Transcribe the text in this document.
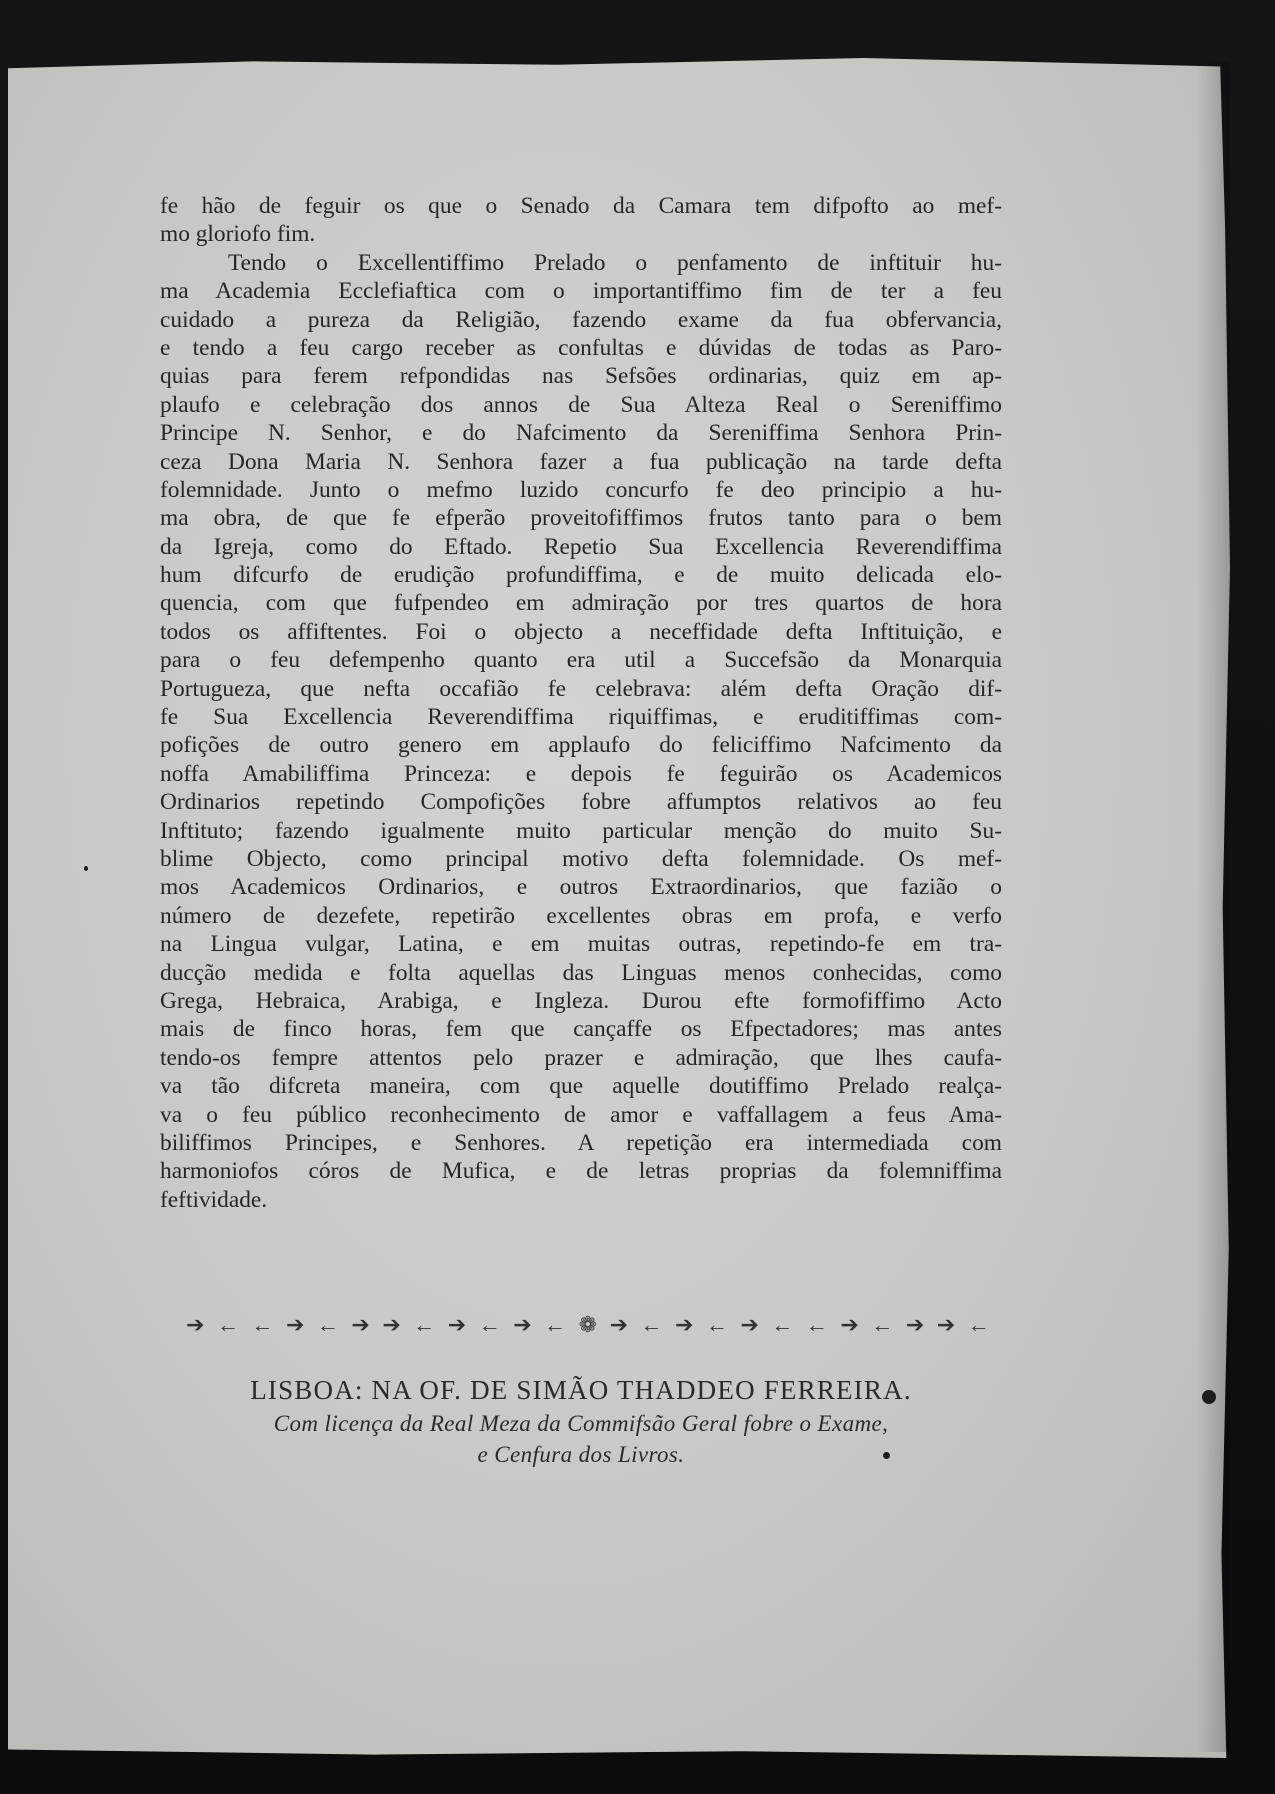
fe hão de feguir os que o Senado da Camara tem difpofto ao mef-
mo gloriofo fim.
Tendo o Excellentiffimo Prelado o penfamento de inftituir hu-
ma Academia Ecclefiaftica com o importantiffimo fim de ter a feu
cuidado a pureza da Religião, fazendo exame da fua obfervancia,
e tendo a feu cargo receber as confultas e dúvidas de todas as Paro-
quias para ferem refpondidas nas Sefsões ordinarias, quiz em ap-
plaufo e celebração dos annos de Sua Alteza Real o Sereniffimo
Principe N. Senhor, e do Nafcimento da Sereniffima Senhora Prin-
ceza Dona Maria N. Senhora fazer a fua publicação na tarde defta
folemnidade. Junto o mefmo luzido concurfo fe deo principio a hu-
ma obra, de que fe efperão proveitofiffimos frutos tanto para o bem
da Igreja, como do Eftado. Repetio Sua Excellencia Reverendiffima
hum difcurfo de erudição profundiffima, e de muito delicada elo-
quencia, com que fufpendeo em admiração por tres quartos de hora
todos os affiftentes. Foi o objecto a neceffidade defta Inftituição, e
para o feu defempenho quanto era util a Succefsão da Monarquia
Portugueza, que nefta occafião fe celebrava: além defta Oração dif-
fe Sua Excellencia Reverendiffima riquiffimas, e eruditiffimas com-
pofições de outro genero em applaufo do feliciffimo Nafcimento da
noffa Amabiliffima Princeza: e depois fe feguirão os Academicos
Ordinarios repetindo Compofições fobre affumptos relativos ao feu
Inftituto; fazendo igualmente muito particular menção do muito Su-
blime Objecto, como principal motivo defta folemnidade. Os mef-
mos Academicos Ordinarios, e outros Extraordinarios, que fazião o
número de dezefete, repetirão excellentes obras em profa, e verfo
na Lingua vulgar, Latina, e em muitas outras, repetindo-fe em tra-
ducção medida e folta aquellas das Linguas menos conhecidas, como
Grega, Hebraica, Arabiga, e Ingleza. Durou efte formofiffimo Acto
mais de finco horas, fem que cançaffe os Efpectadores; mas antes
tendo-os fempre attentos pelo prazer e admiração, que lhes caufa-
va tão difcreta maneira, com que aquelle doutiffimo Prelado realça-
va o feu público reconhecimento de amor e vaffallagem a feus Ama-
biliffimos Principes, e Senhores. A repetição era intermediada com
harmoniofos córos de Mufica, e de letras proprias da folemniffima
feftividade.
➔ ← ← ➔ ← ➔ ➔ ← ➔ ← ➔ ← ❁ ➔ ← ➔ ← ➔ ← ← ➔ ← ➔ ➔ ←
LISBOA: NA OF. DE SIMÃO THADDEO FERREIRA.
Com licença da Real Meza da Commifsão Geral fobre o Exame,
e Cenfura dos Livros.
